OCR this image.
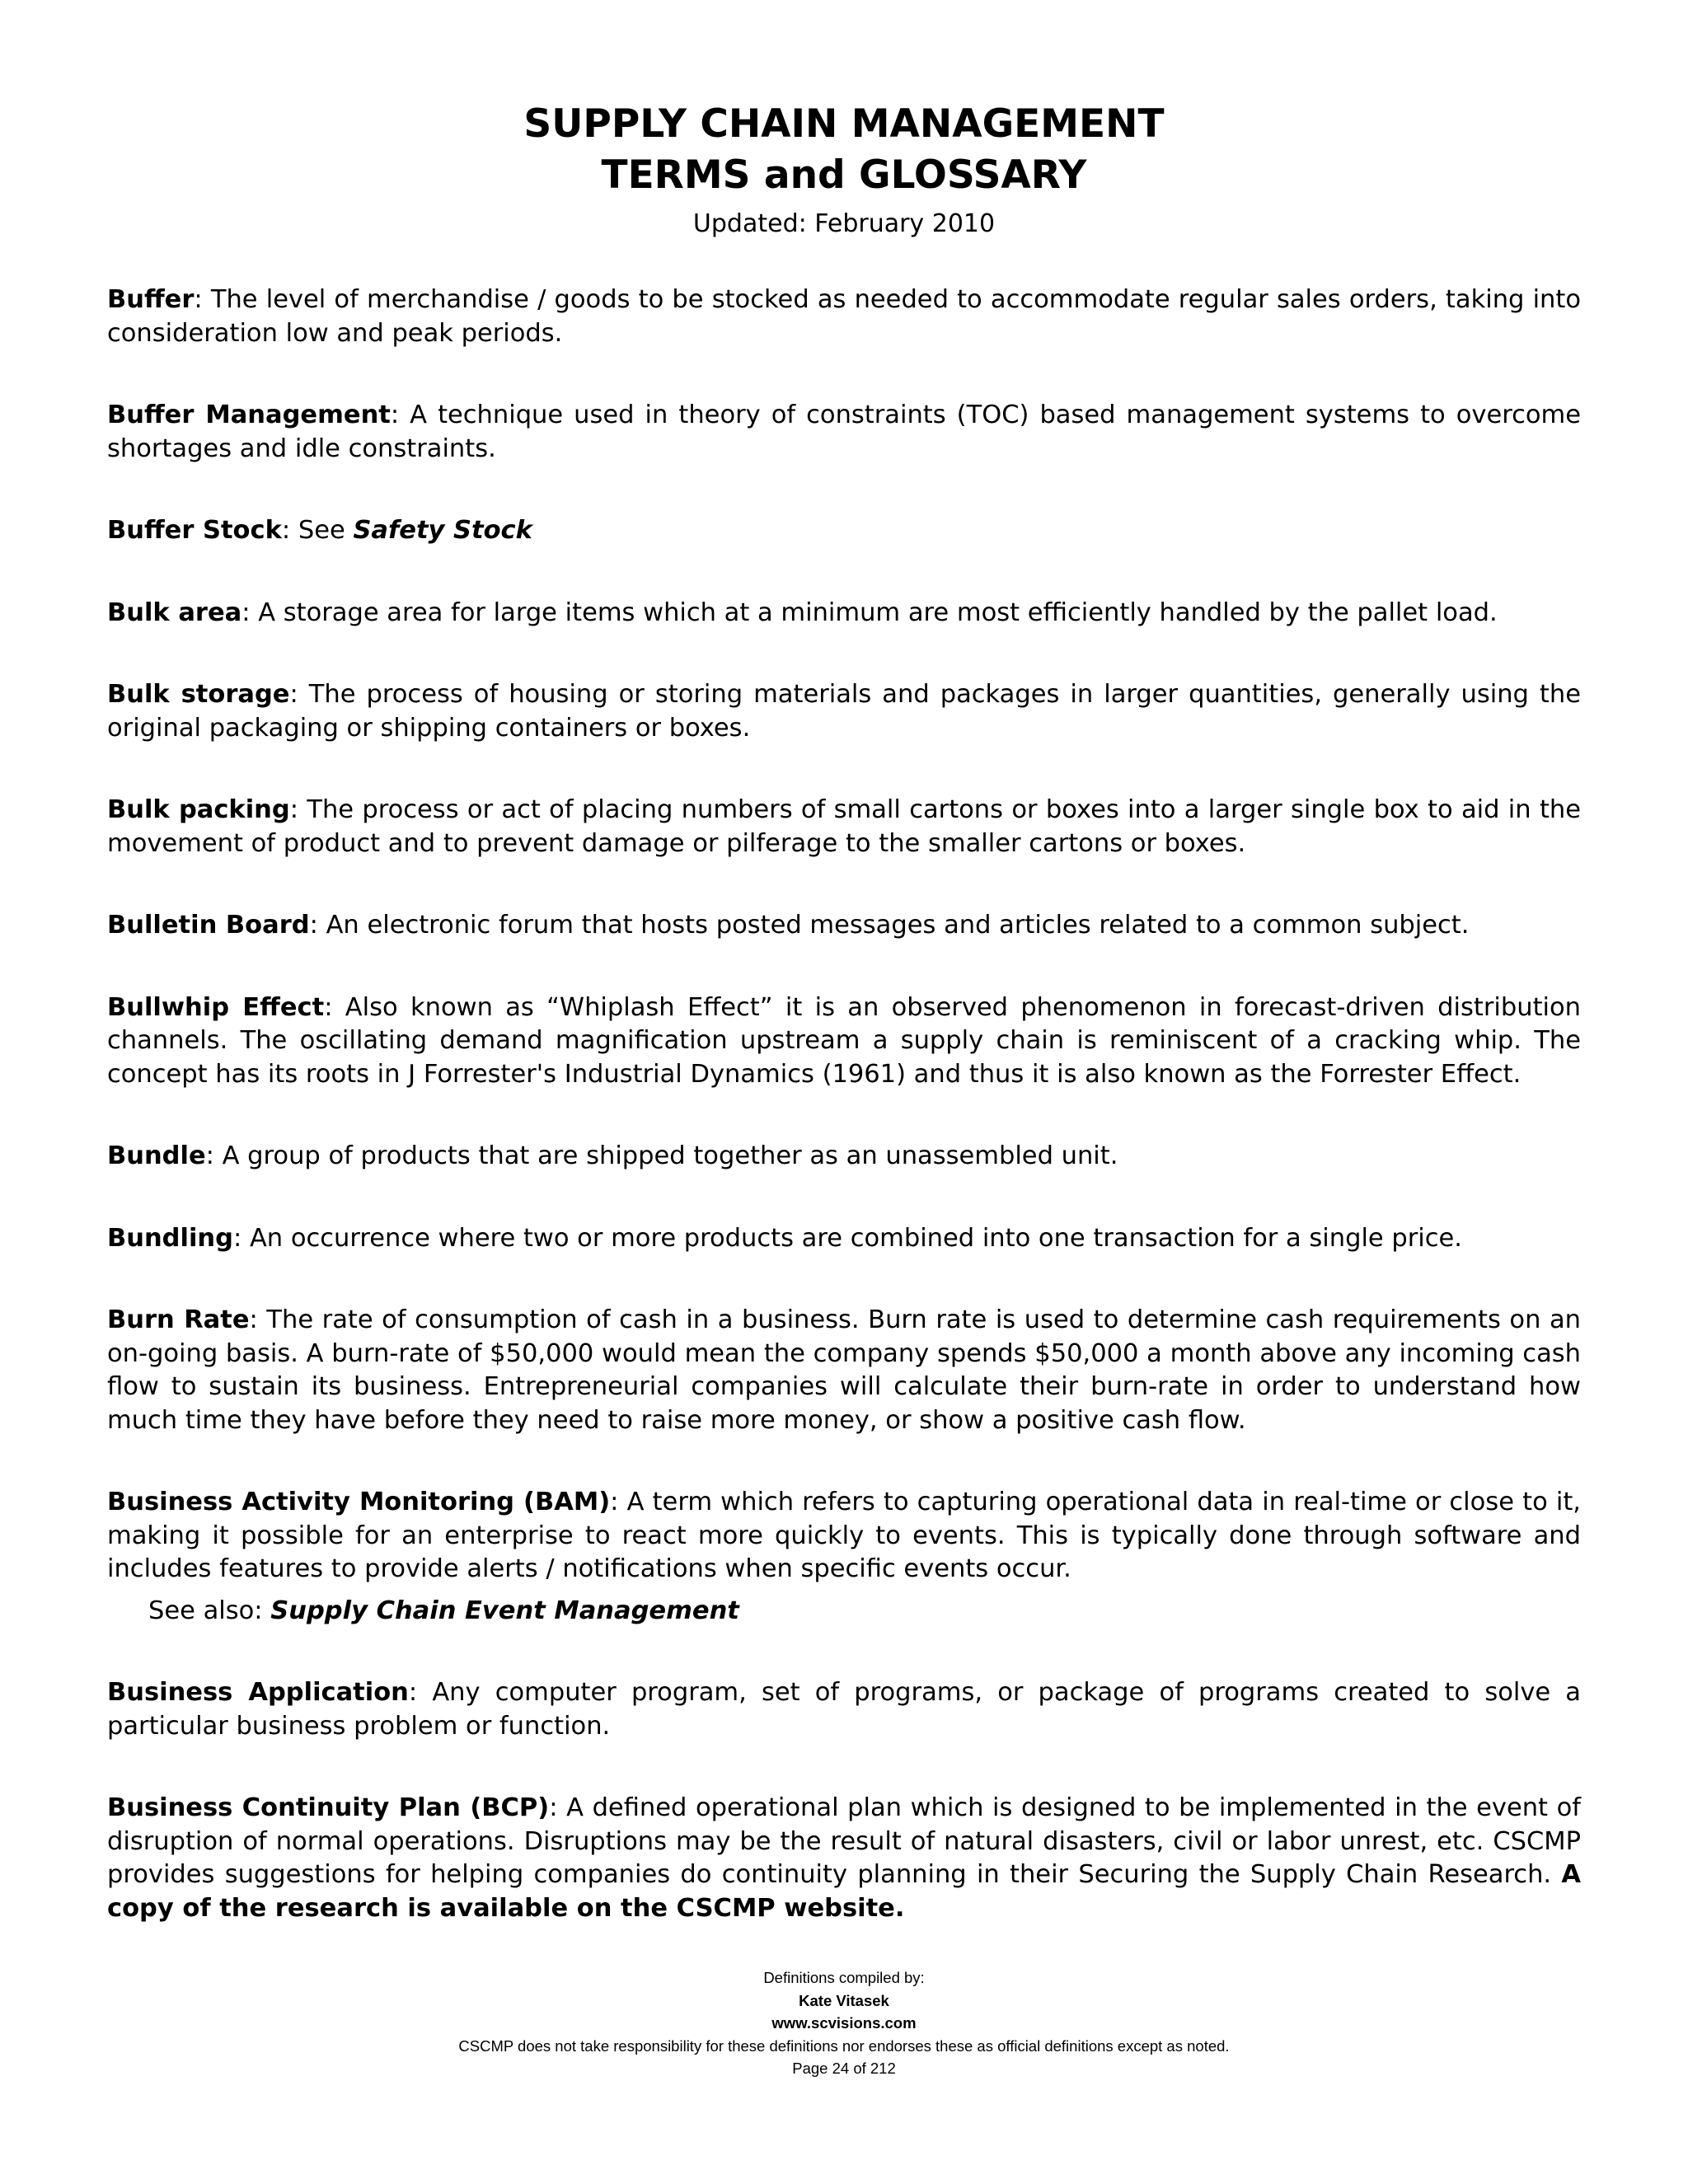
SUPPLY CHAIN MANAGEMENT
TERMS and GLOSSARY
Updated: February 2010

Buffer: The level of merchandise / goods to be stocked as needed to accommodate regular sales orders, taking into consideration low and peak periods.

Buffer Management: A technique used in theory of constraints (TOC) based management systems to overcome shortages and idle constraints.

Buffer Stock: See Safety Stock

Bulk area: A storage area for large items which at a minimum are most efficiently handled by the pallet load.

Bulk storage: The process of housing or storing materials and packages in larger quantities, generally using the original packaging or shipping containers or boxes.

Bulk packing: The process or act of placing numbers of small cartons or boxes into a larger single box to aid in the movement of product and to prevent damage or pilferage to the smaller cartons or boxes.

Bulletin Board: An electronic forum that hosts posted messages and articles related to a common subject.

Bullwhip Effect: Also known as “Whiplash Effect” it is an observed phenomenon in forecast-driven distribution channels. The oscillating demand magnification upstream a supply chain is reminiscent of a cracking whip. The concept has its roots in J Forrester's Industrial Dynamics (1961) and thus it is also known as the Forrester Effect.

Bundle: A group of products that are shipped together as an unassembled unit.

Bundling: An occurrence where two or more products are combined into one transaction for a single price.

Burn Rate: The rate of consumption of cash in a business. Burn rate is used to determine cash requirements on an on-going basis. A burn-rate of $50,000 would mean the company spends $50,000 a month above any incoming cash flow to sustain its business. Entrepreneurial companies will calculate their burn-rate in order to understand how much time they have before they need to raise more money, or show a positive cash flow.

Business Activity Monitoring (BAM): A term which refers to capturing operational data in real-time or close to it, making it possible for an enterprise to react more quickly to events. This is typically done through software and includes features to provide alerts / notifications when specific events occur.

See also: Supply Chain Event Management

Business Application: Any computer program, set of programs, or package of programs created to solve a particular business problem or function.

Business Continuity Plan (BCP): A defined operational plan which is designed to be implemented in the event of disruption of normal operations. Disruptions may be the result of natural disasters, civil or labor unrest, etc. CSCMP provides suggestions for helping companies do continuity planning in their Securing the Supply Chain Research. A copy of the research is available on the CSCMP website.

Definitions compiled by:
Kate Vitasek
www.scvisions.com
CSCMP does not take responsibility for these definitions nor endorses these as official definitions except as noted.
Page 24 of 212
